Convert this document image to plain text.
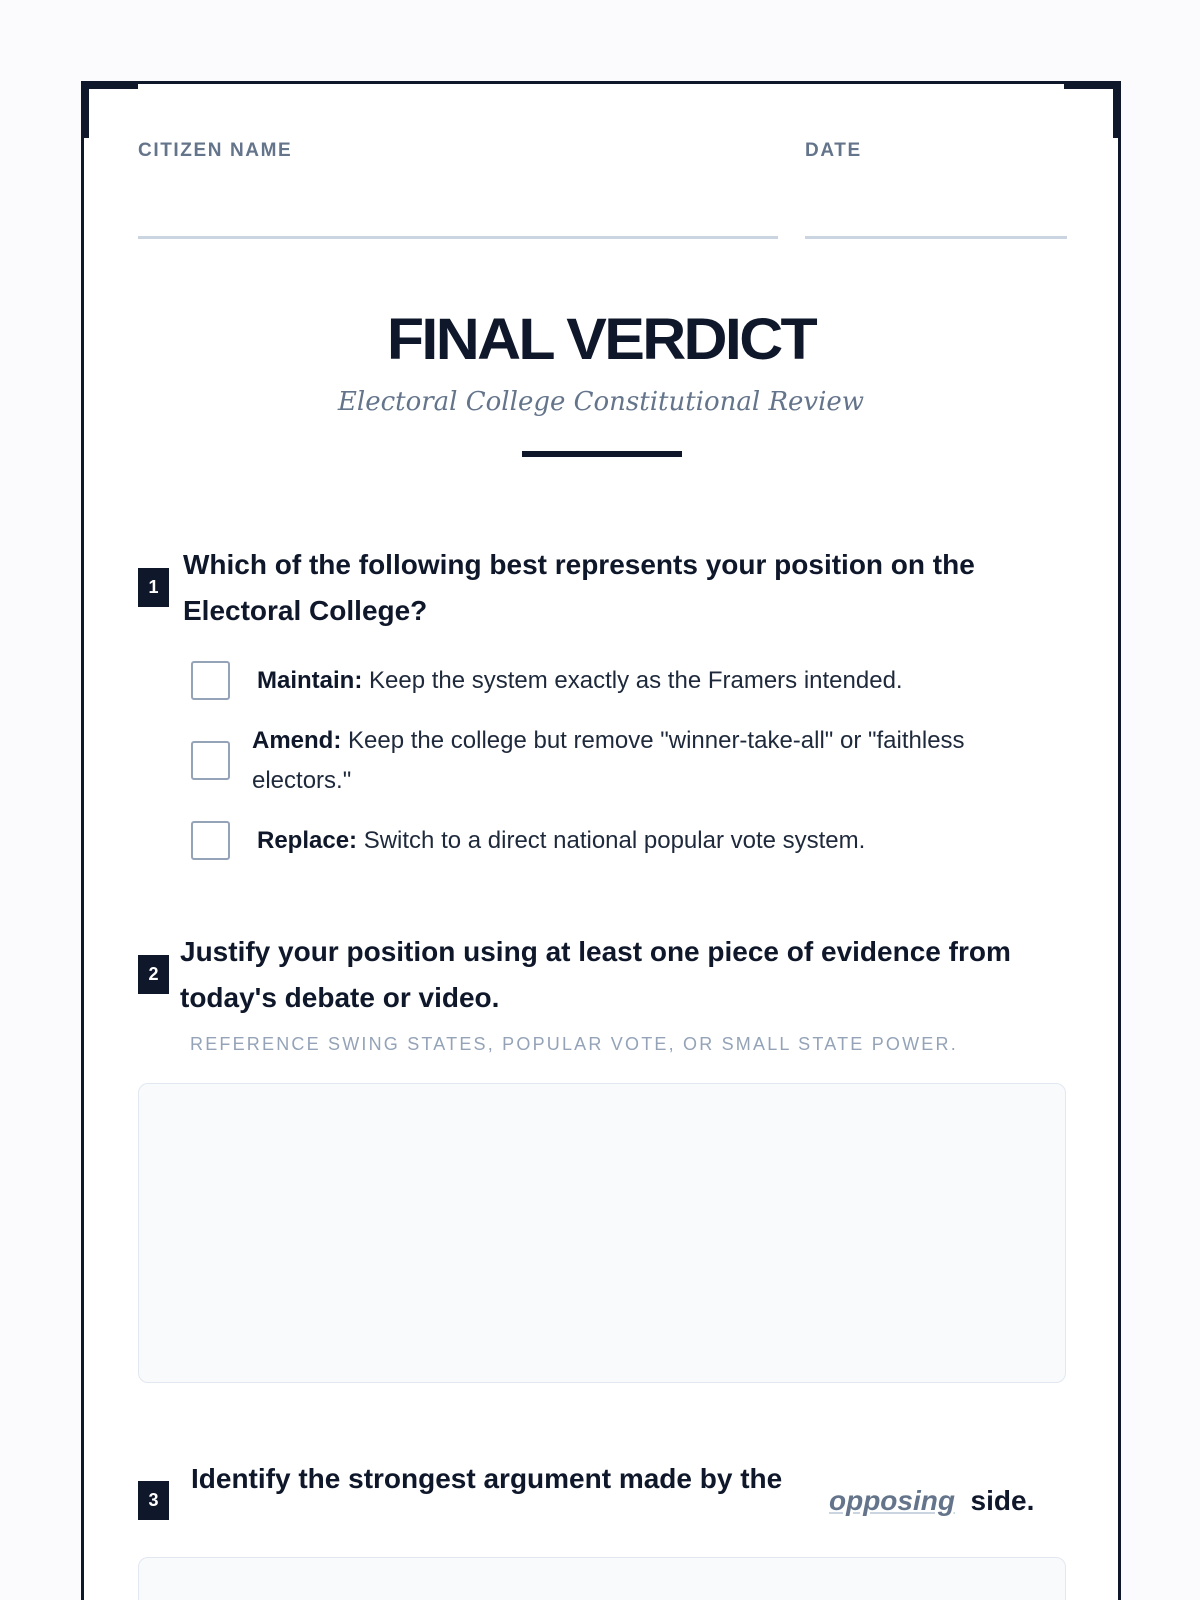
CITIZEN NAME	DATE
FINAL VERDICT
Electoral College Constitutional Review
1
Which of the following best represents your position on the Electoral College?
Maintain: Keep the system exactly as the Framers intended.
Amend: Keep the college but remove "winner-take-all" or "faithless electors."
Replace: Switch to a direct national popular vote system.
2
Justify your position using at least one piece of evidence from today's debate or video.
REFERENCE SWING STATES, POPULAR VOTE, OR SMALL STATE POWER.
3
Identify the strongest argument made by the
opposing side.
